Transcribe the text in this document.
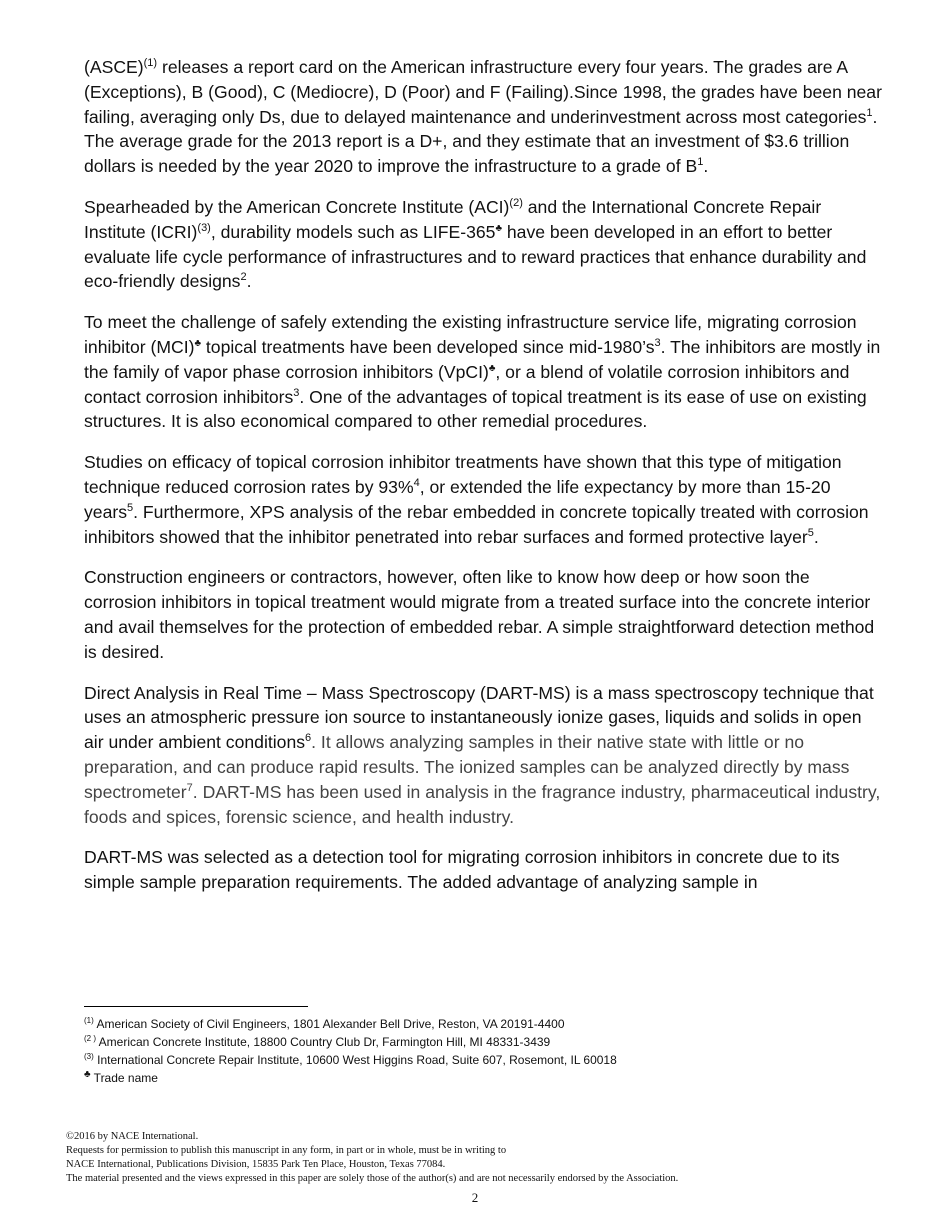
(ASCE)$^{(1)}$ releases a report card on the American infrastructure every four years. The grades are A (Exceptions), B (Good), C (Mediocre), D (Poor) and F (Failing).Since 1998, the grades have been near failing, averaging only Ds, due to delayed maintenance and underinvestment across most categories$^1$. The average grade for the 2013 report is a D+, and they estimate that an investment of $3.6 trillion dollars is needed by the year 2020 to improve the infrastructure to a grade of $B^1$.

Spearheaded by the American Concrete Institute (ACI)$^{(2)}$ and the International Concrete Repair Institute (ICRI)$^{(3)}$, durability models such as LIFE-365♣ have been developed in an effort to better evaluate life cycle performance of infrastructures and to reward practices that enhance durability and eco-friendly designs$^2$.

To meet the challenge of safely extending the existing infrastructure service life, migrating corrosion inhibitor (MCI)♣ topical treatments have been developed since mid-$1980’s^3$. The inhibitors are mostly in the family of vapor phase corrosion inhibitors (VpCI)♣, or a blend of volatile corrosion inhibitors and contact corrosion inhibitors$^3$. One of the advantages of topical treatment is its ease of use on existing structures. It is also economical compared to other remedial procedures.

Studies on efficacy of topical corrosion inhibitor treatments have shown that this type of mitigation technique reduced corrosion rates by 93%$^4$, or extended the life expectancy by more than 15-20 years$^5$. Furthermore, XPS analysis of the rebar embedded in concrete topically treated with corrosion inhibitors showed that the inhibitor penetrated into rebar surfaces and formed protective layer$^5$.

Construction engineers or contractors, however, often like to know how deep or how soon the corrosion inhibitors in topical treatment would migrate from a treated surface into the concrete interior and avail themselves for the protection of embedded rebar. A simple straightforward detection method is desired.

Direct Analysis in Real Time – Mass Spectroscopy (DART-MS) is a mass spectroscopy technique that uses an atmospheric pressure ion source to instantaneously ionize gases, liquids and solids in open air under ambient conditions$^6$. It allows analyzing samples in their native state with little or no preparation, and can produce rapid results. The ionized samples can be analyzed directly by mass spectrometer$^7$. DART-MS has been used in analysis in the fragrance industry, pharmaceutical industry, foods and spices, forensic science, and health industry.

DART-MS was selected as a detection tool for migrating corrosion inhibitors in concrete due to its simple sample preparation requirements. The added advantage of analyzing sample in

$^{(1)}$ American Society of Civil Engineers, 1801 Alexander Bell Drive, Reston, VA 20191-4400
$^{(2 )}$ American Concrete Institute, 18800 Country Club Dr, Farmington Hill, MI 48331-3439
$^{(3)}$ International Concrete Repair Institute, 10600 West Higgins Road, Suite 607, Rosemont, IL 60018
♣ Trade name
©2016 by NACE International.
Requests for permission to publish this manuscript in any form, in part or in whole, must be in writing to
NACE International, Publications Division, 15835 Park Ten Place, Houston, Texas 77084.
The material presented and the views expressed in this paper are solely those of the author(s) and are not necessarily endorsed by the Association.
2
